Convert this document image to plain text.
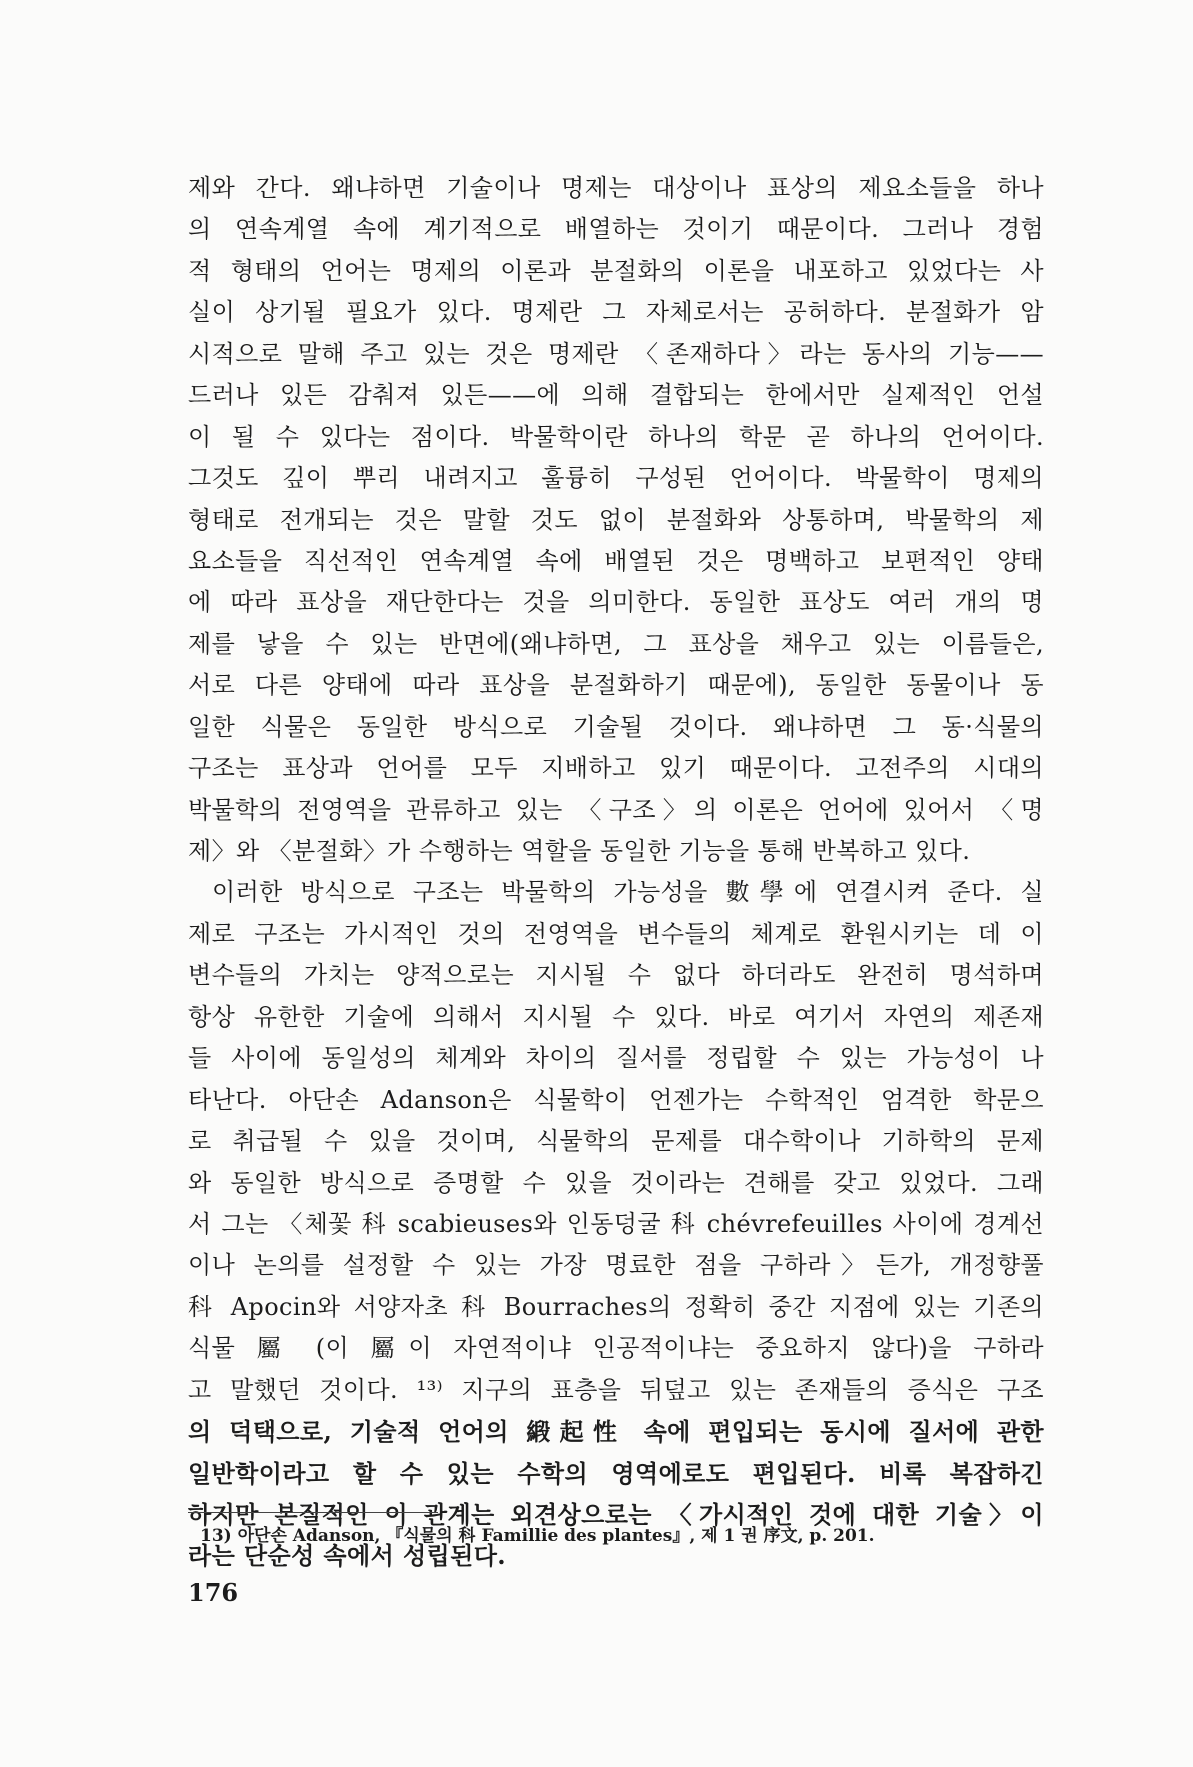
제와 간다. 왜냐하면 기술이나 명제는 대상이나 표상의 제요소들을 하나
의 연속계열 속에 계기적으로 배열하는 것이기 때문이다. 그러나 경험
적 형태의 언어는 명제의 이론과 분절화의 이론을 내포하고 있었다는 사
실이 상기될 필요가 있다. 명제란 그 자체로서는 공허하다. 분절화가 암
시적으로 말해 주고 있는 것은 명제란 〈존재하다〉라는 동사의 기능——
드러나 있든 감춰져 있든——에 의해 결합되는 한에서만 실제적인 언설
이 될 수 있다는 점이다. 박물학이란 하나의 학문 곧 하나의 언어이다.
그것도 깊이 뿌리 내려지고 훌륭히 구성된 언어이다. 박물학이 명제의
형태로 전개되는 것은 말할 것도 없이 분절화와 상통하며, 박물학의 제
요소들을 직선적인 연속계열 속에 배열된 것은 명백하고 보편적인 양태
에 따라 표상을 재단한다는 것을 의미한다. 동일한 표상도 여러 개의 명
제를 낳을 수 있는 반면에(왜냐하면, 그 표상을 채우고 있는 이름들은,
서로 다른 양태에 따라 표상을 분절화하기 때문에), 동일한 동물이나 동
일한 식물은 동일한 방식으로 기술될 것이다. 왜냐하면 그 동·식물의
구조는 표상과 언어를 모두 지배하고 있기 때문이다. 고전주의 시대의
박물학의 전영역을 관류하고 있는 〈구조〉의 이론은 언어에 있어서 〈명
제〉와 〈분절화〉가 수행하는 역할을 동일한 기능을 통해 반복하고 있다.
이러한 방식으로 구조는 박물학의 가능성을 數學에 연결시켜 준다. 실
제로 구조는 가시적인 것의 전영역을 변수들의 체계로 환원시키는 데 이
변수들의 가치는 양적으로는 지시될 수 없다 하더라도 완전히 명석하며
항상 유한한 기술에 의해서 지시될 수 있다. 바로 여기서 자연의 제존재
들 사이에 동일성의 체계와 차이의 질서를 정립할 수 있는 가능성이 나
타난다. 아단손 Adanson은 식물학이 언젠가는 수학적인 엄격한 학문으
로 취급될 수 있을 것이며, 식물학의 문제를 대수학이나 기하학의 문제
와 동일한 방식으로 증명할 수 있을 것이라는 견해를 갖고 있었다. 그래
서 그는 〈체꽃 科 scabieuses와 인동덩굴 科 chévrefeuilles 사이에 경계선
이나 논의를 설정할 수 있는 가장 명료한 점을 구하라〉든가, 개정향풀
科 Apocin와 서양자초 科 Bourraches의 정확히 중간 지점에 있는 기존의
식물 屬 (이 屬이 자연적이냐 인공적이냐는 중요하지 않다)을 구하라
고 말했던 것이다. ¹³⁾ 지구의 표층을 뒤덮고 있는 존재들의 증식은 구조
의 덕택으로, 기술적 언어의 緞起性 속에 편입되는 동시에 질서에 관한
일반학이라고 할 수 있는 수학의 영역에로도 편입된다. 비록 복잡하긴
하지만 본질적인 이 관계는 외견상으로는 〈가시적인 것에 대한 기술〉이
라는 단순성 속에서 성립된다.
13) 아단손 Adanson, 『식물의 科 Famillie des plantes』, 제 1 권 序文, p. 201.
176
